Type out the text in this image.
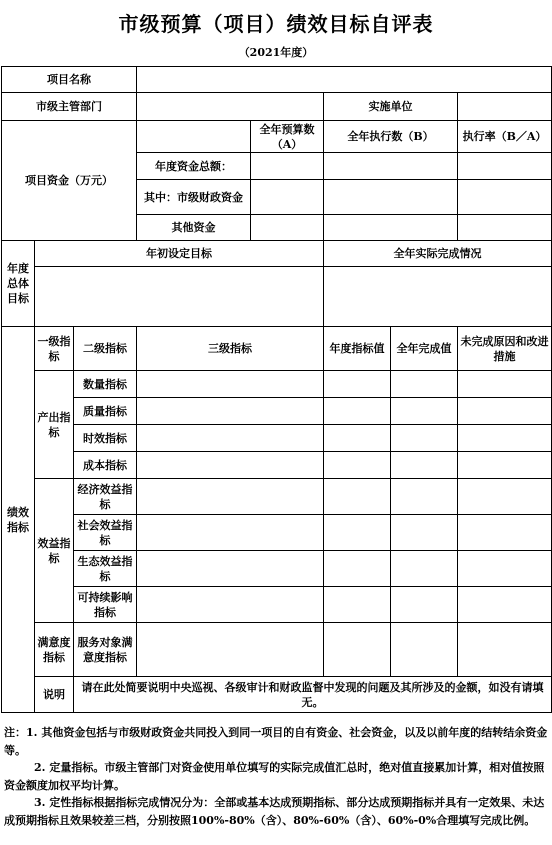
市级预算（项目）绩效目标自评表
（2021年度）
项目名称							
市级主管部门					实施单位		
项目资金（万元）				全年预算数（A）	全年执行数（B）		执行率（B／A）
			年度资金总额：				
			其中：市级财政资金				
			其他资金				
年度总体目标	年初设定目标				全年实际完成情况		

绩效指标	一级指标	二级指标	三级指标		年度指标值	全年完成值	未完成原因和改进措施
	产出指标	数量指标					
		质量指标					
		时效指标					
		成本指标					
	效益指标	经济效益指标					
		社会效益指标					
		生态效益指标					
		可持续影响指标					
	满意度指标	服务对象满意度指标					
	说明	请在此处简要说明中央巡视、各级审计和财政监督中发现的问题及其所涉及的金额，如没有请填无。					

注：1. 其他资金包括与市级财政资金共同投入到同一项目的自有资金、社会资金，以及以前年度的结转结余资金等。

2. 定量指标。市级主管部门对资金使用单位填写的实际完成值汇总时，绝对值直接累加计算，相对值按照资金额度加权平均计算。

3. 定性指标根据指标完成情况分为：全部或基本达成预期指标、部分达成预期指标并具有一定效果、未达成预期指标且效果较差三档，分别按照100%-80%（含）、80%-60%（含）、60%-0%合理填写完成比例。
